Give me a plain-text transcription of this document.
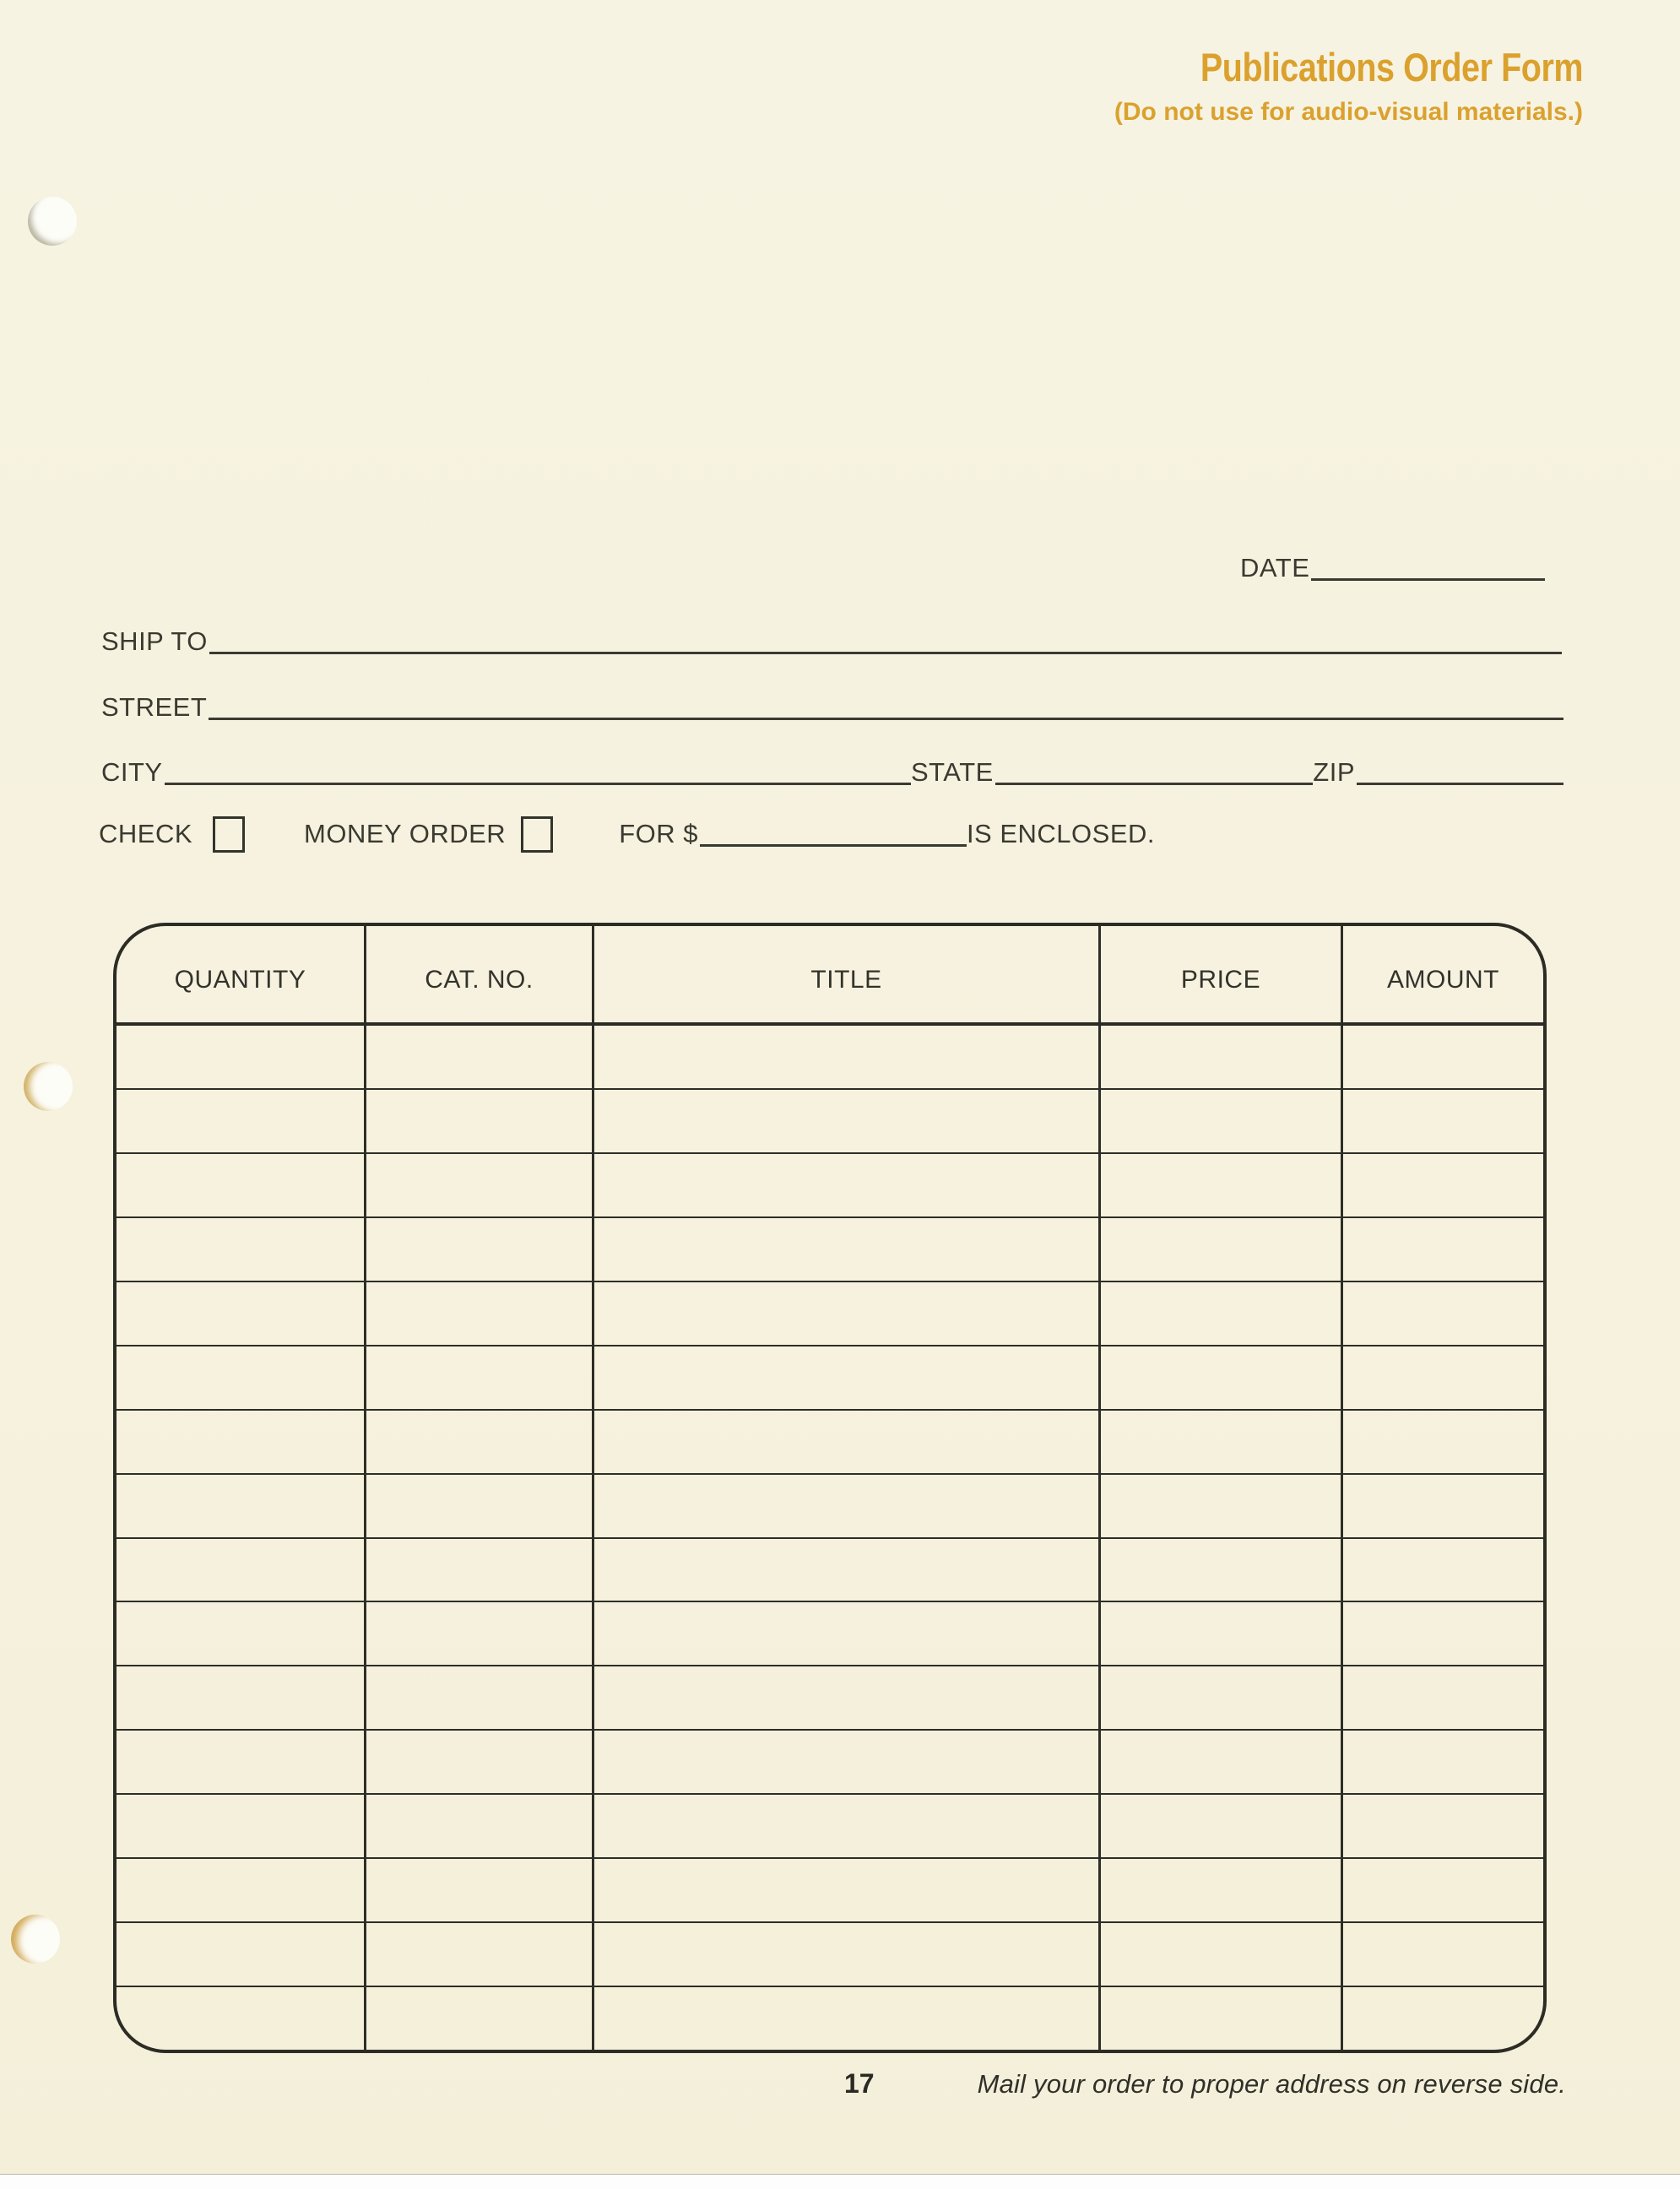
Publications Order Form
(Do not use for audio-visual materials.)
DATE
SHIP TO
STREET
CITY	STATE	ZIP
CHECK	MONEY ORDER	FOR $	IS ENCLOSED.
QUANTITY	CAT. NO.	TITLE	PRICE	AMOUNT
17	Mail your order to proper address on reverse side.
